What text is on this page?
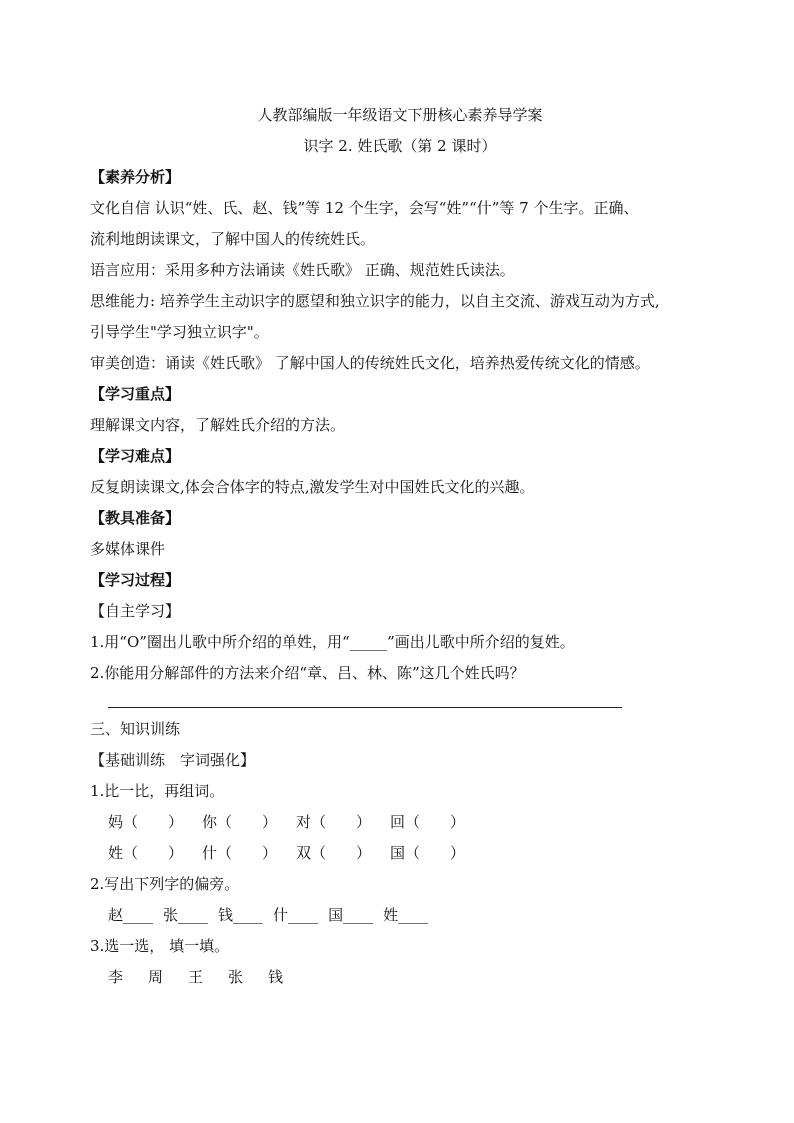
人教部编版一年级语文下册核心素养导学案
识字 2. 姓氏歌（第 2 课时）
【素养分析】
文化自信 认识“姓、氏、赵、钱”等 12 个生字，会写“姓”“什”等 7 个生字。正确、
流利地朗读课文，了解中国人的传统姓氏。
语言应用：采用多种方法诵读《姓氏歌》 正确、规范姓氏读法。
思维能力: 培养学生主动识字的愿望和独立识字的能力，以自主交流、游戏互动为方式,
引导学生"学习独立识字"。
审美创造：诵读《姓氏歌》 了解中国人的传统姓氏文化，培养热爱传统文化的情感。
【学习重点】
理解课文内容，了解姓氏介绍的方法。
【学习难点】
反复朗读课文,体会合体字的特点,激发学生对中国姓氏文化的兴趣。
【教具准备】
多媒体课件
【学习过程】
【自主学习】
1.用“O”圈出儿歌中所介绍的单姓，用“_____”画出儿歌中所介绍的复姓。
2.你能用分解部件的方法来介绍“章、吕、林、陈”这几个姓氏吗？
三、知识训练
【基础训练　字词强化】
1.比一比，再组词。
妈（　　） 你（　　） 对（　　） 回（　　）
姓（　　） 什（　　） 双（　　） 国（　　）
2.写出下列字的偏旁。
赵____ 张____ 钱____ 什____ 国____ 姓____
3.选一选， 填一填。
李 周 王 张 钱
